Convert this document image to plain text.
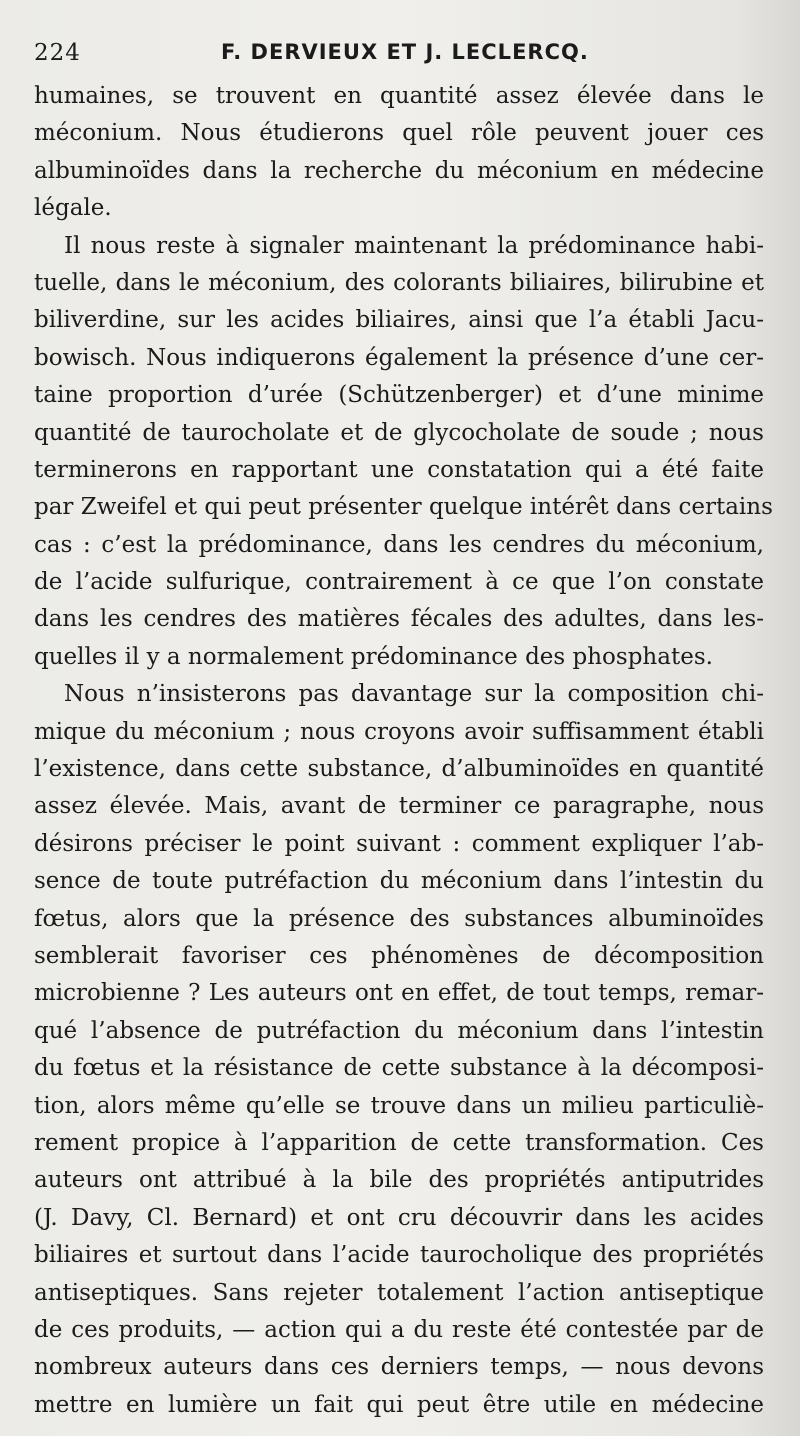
224	F. DERVIEUX ET J. LECLERCQ.
humaines, se trouvent en quantité assez élevée dans le
méconium. Nous étudierons quel rôle peuvent jouer ces
albuminoïdes dans la recherche du méconium en médecine
légale.
Il nous reste à signaler maintenant la prédominance habi-
tuelle, dans le méconium, des colorants biliaires, bilirubine et
biliverdine, sur les acides biliaires, ainsi que l’a établi Jacu-
bowisch. Nous indiquerons également la présence d’une cer-
taine proportion d’urée (Schützenberger) et d’une minime
quantité de taurocholate et de glycocholate de soude ; nous
terminerons en rapportant une constatation qui a été faite
par Zweifel et qui peut présenter quelque intérêt dans certains
cas : c’est la prédominance, dans les cendres du méconium,
de l’acide sulfurique, contrairement à ce que l’on constate
dans les cendres des matières fécales des adultes, dans les-
quelles il y a normalement prédominance des phosphates.
Nous n’insisterons pas davantage sur la composition chi-
mique du méconium ; nous croyons avoir suffisamment établi
l’existence, dans cette substance, d’albuminoïdes en quantité
assez élevée. Mais, avant de terminer ce paragraphe, nous
désirons préciser le point suivant : comment expliquer l’ab-
sence de toute putréfaction du méconium dans l’intestin du
fœtus, alors que la présence des substances albuminoïdes
semblerait favoriser ces phénomènes de décomposition
microbienne ? Les auteurs ont en effet, de tout temps, remar-
qué l’absence de putréfaction du méconium dans l’intestin
du fœtus et la résistance de cette substance à la décomposi-
tion, alors même qu’elle se trouve dans un milieu particuliè-
rement propice à l’apparition de cette transformation. Ces
auteurs ont attribué à la bile des propriétés antiputrides
(J. Davy, Cl. Bernard) et ont cru découvrir dans les acides
biliaires et surtout dans l’acide taurocholique des propriétés
antiseptiques. Sans rejeter totalement l’action antiseptique
de ces produits, — action qui a du reste été contestée par de
nombreux auteurs dans ces derniers temps, — nous devons
mettre en lumière un fait qui peut être utile en médecine
